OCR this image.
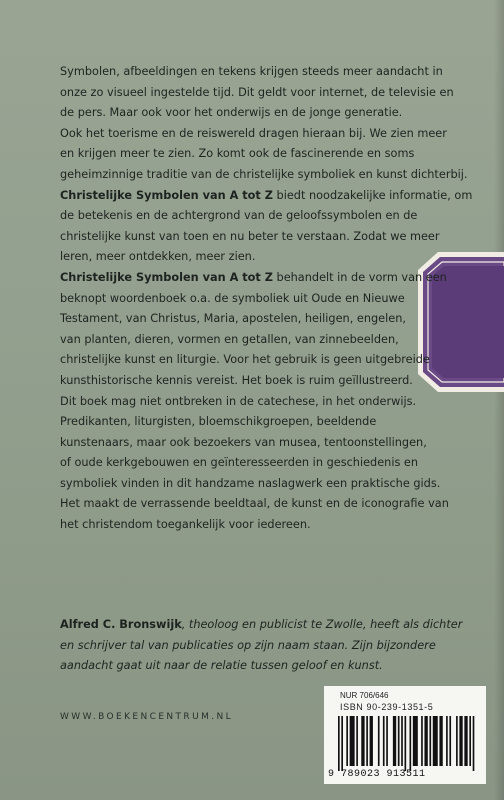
Symbolen, afbeeldingen en tekens krijgen steeds meer aandacht in

onze zo visueel ingestelde tijd. Dit geldt voor internet, de televisie en

de pers. Maar ook voor het onderwijs en de jonge generatie.

Ook het toerisme en de reiswereld dragen hieraan bij. We zien meer

en krijgen meer te zien. Zo komt ook de fascinerende en soms

geheimzinnige traditie van de christelijke symboliek en kunst dichterbij.

Christelijke Symbolen van A tot Z biedt noodzakelijke informatie, om

de betekenis en de achtergrond van de geloofssymbolen en de

christelijke kunst van toen en nu beter te verstaan. Zodat we meer

leren, meer ontdekken, meer zien.

Christelijke Symbolen van A tot Z behandelt in de vorm van een

beknopt woordenboek o.a. de symboliek uit Oude en Nieuwe

Testament, van Christus, Maria, apostelen, heiligen, engelen,

van planten, dieren, vormen en getallen, van zinnebeelden,

christelijke kunst en liturgie. Voor het gebruik is geen uitgebreide

kunsthistorische kennis vereist. Het boek is ruim geïllustreerd.

Dit boek mag niet ontbreken in de catechese, in het onderwijs.

Predikanten, liturgisten, bloemschikgroepen, beeldende

kunstenaars, maar ook bezoekers van musea, tentoonstellingen,

of oude kerkgebouwen en geïnteresseerden in geschiedenis en

symboliek vinden in dit handzame naslagwerk een praktische gids.

Het maakt de verrassende beeldtaal, de kunst en de iconografie van

het christendom toegankelijk voor iedereen.

Alfred C. Bronswijk, theoloog en publicist te Zwolle, heeft als dichter

en schrijver tal van publicaties op zijn naam staan. Zijn bijzondere

aandacht gaat uit naar de relatie tussen geloof en kunst.

WWW.BOEKENCENTRUM.NL
NUR 706/646
ISBN 90-239-1351-5
9 789023 913511
